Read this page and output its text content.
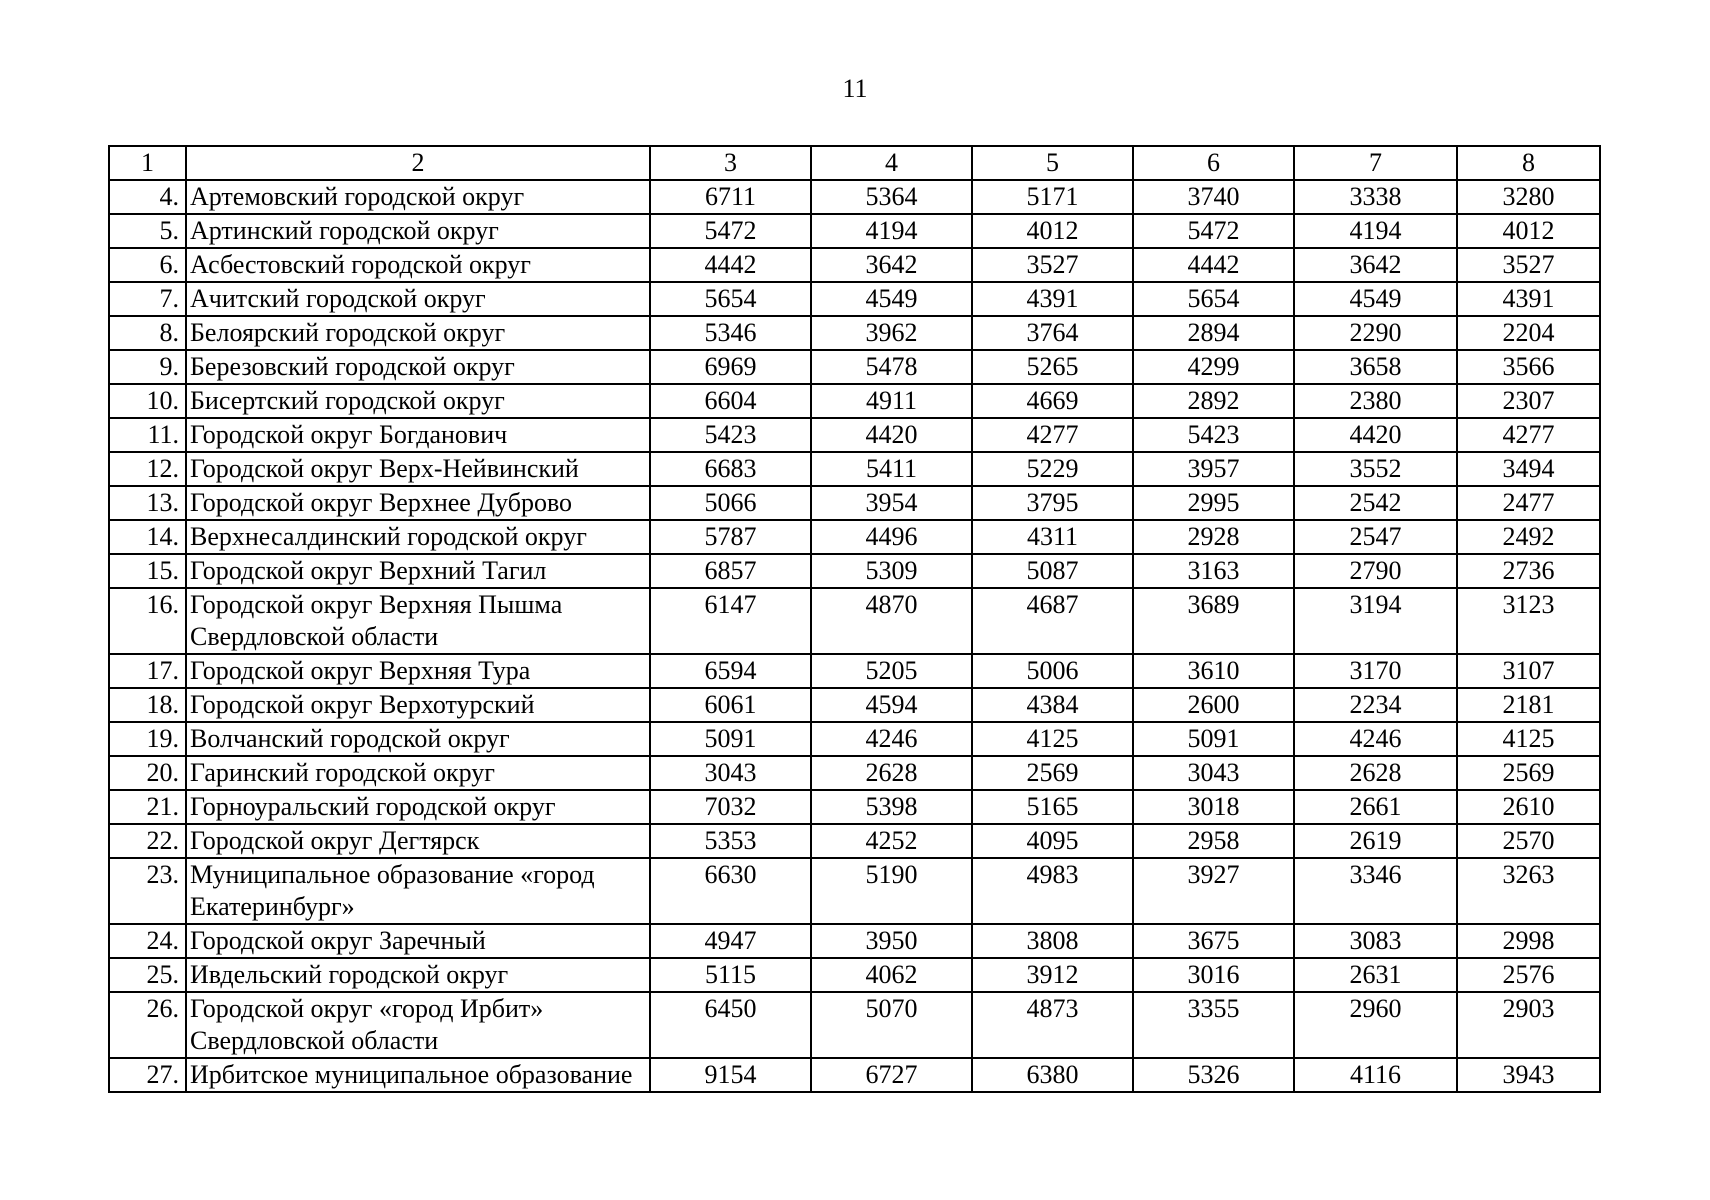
11
1	2	3	4	5	6	7	8
4.	Артемовский городской округ	6711	5364	5171	3740	3338	3280
5.	Артинский городской округ	5472	4194	4012	5472	4194	4012
6.	Асбестовский городской округ	4442	3642	3527	4442	3642	3527
7.	Ачитский городской округ	5654	4549	4391	5654	4549	4391
8.	Белоярский городской округ	5346	3962	3764	2894	2290	2204
9.	Березовский городской округ	6969	5478	5265	4299	3658	3566
10.	Бисертский городской округ	6604	4911	4669	2892	2380	2307
11.	Городской округ Богданович	5423	4420	4277	5423	4420	4277
12.	Городской округ Верх-Нейвинский	6683	5411	5229	3957	3552	3494
13.	Городской округ Верхнее Дуброво	5066	3954	3795	2995	2542	2477
14.	Верхнесалдинский городской округ	5787	4496	4311	2928	2547	2492
15.	Городской округ Верхний Тагил	6857	5309	5087	3163	2790	2736
16.	Городской округ Верхняя Пышма Свердловской области	6147	4870	4687	3689	3194	3123
17.	Городской округ Верхняя Тура	6594	5205	5006	3610	3170	3107
18.	Городской округ Верхотурский	6061	4594	4384	2600	2234	2181
19.	Волчанский городской округ	5091	4246	4125	5091	4246	4125
20.	Гаринский городской округ	3043	2628	2569	3043	2628	2569
21.	Горноуральский городской округ	7032	5398	5165	3018	2661	2610
22.	Городской округ Дегтярск	5353	4252	4095	2958	2619	2570
23.	Муниципальное образование «город Екатеринбург»	6630	5190	4983	3927	3346	3263
24.	Городской округ Заречный	4947	3950	3808	3675	3083	2998
25.	Ивдельский городской округ	5115	4062	3912	3016	2631	2576
26.	Городской округ «город Ирбит» Свердловской области	6450	5070	4873	3355	2960	2903
27.	Ирбитское муниципальное образование	9154	6727	6380	5326	4116	3943
